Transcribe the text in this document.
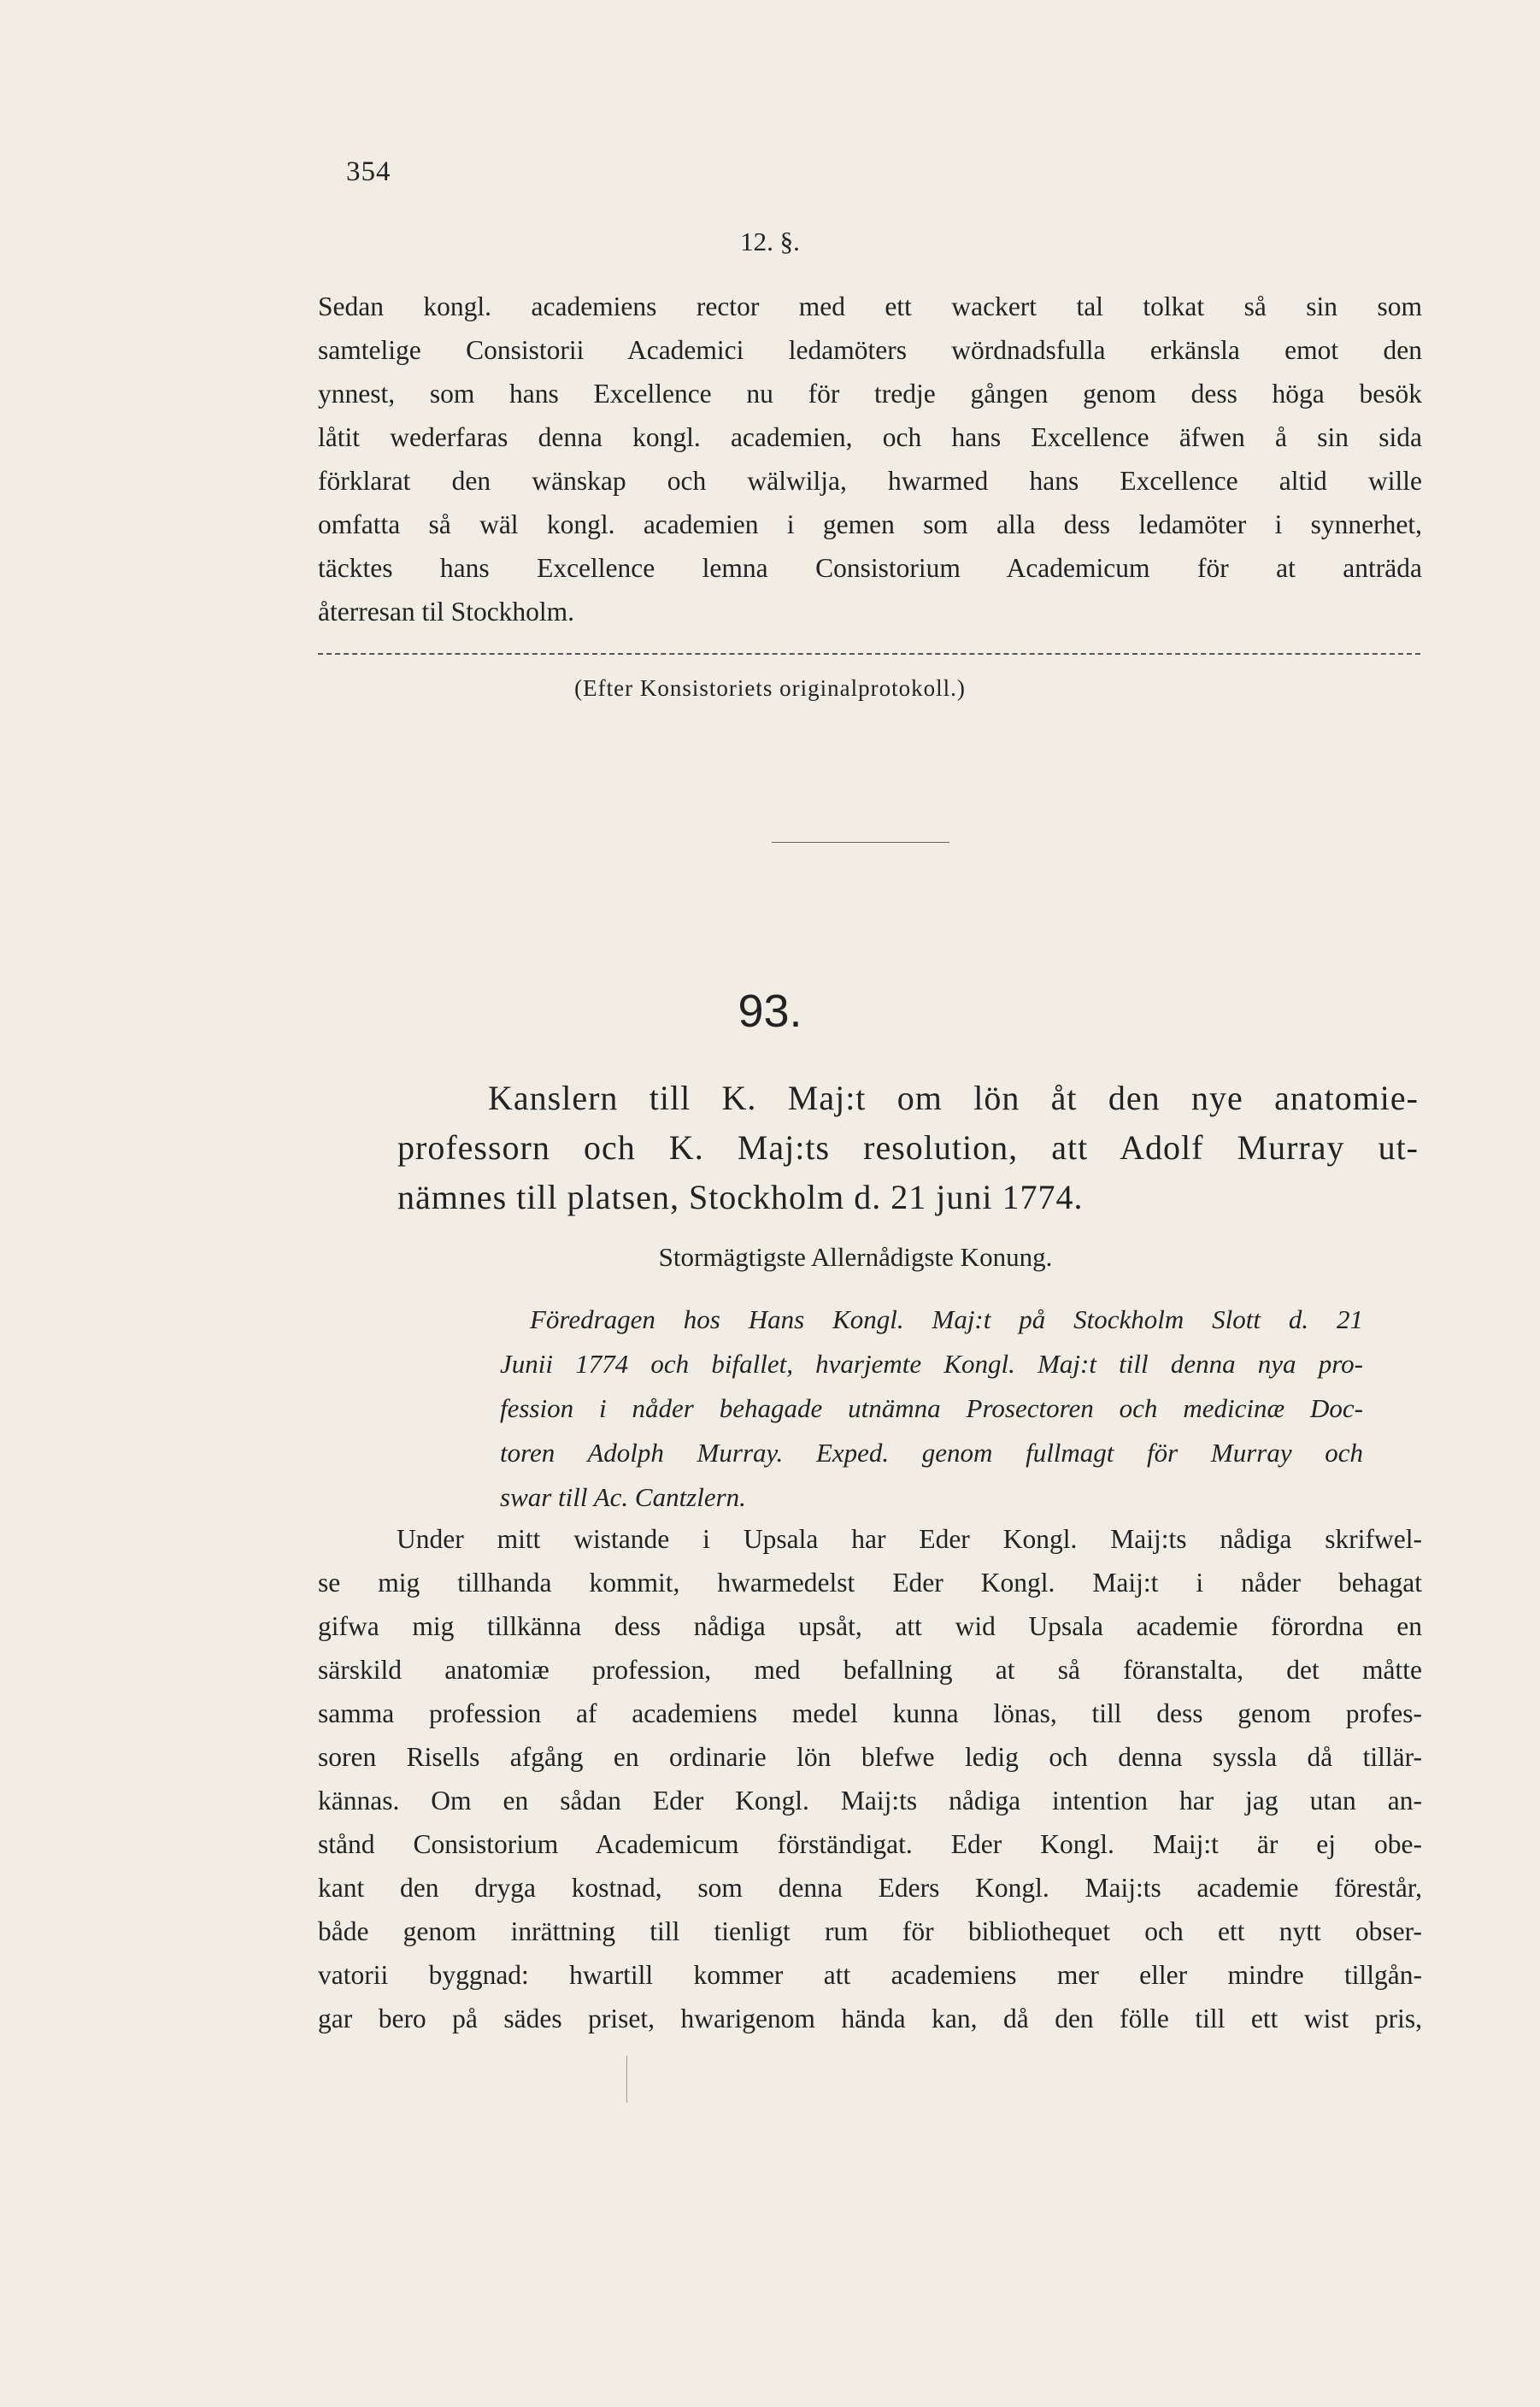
354
12. §.
Sedan kongl. academiens rector med ett wackert tal tolkat så sin som
samtelige Consistorii Academici ledamöters wördnadsfulla erkänsla emot den
ynnest, som hans Excellence nu för tredje gången genom dess höga besök
låtit wederfaras denna kongl. academien, och hans Excellence äfwen å sin sida
förklarat den wänskap och wälwilja, hwarmed hans Excellence altid wille
omfatta så wäl kongl. academien i gemen som alla dess ledamöter i synnerhet,
täcktes hans Excellence lemna Consistorium Academicum för at anträda
återresan til Stockholm.
(Efter Konsistoriets originalprotokoll.)
93.
Kanslern till K. Maj:t om lön åt den nye anatomie-
professorn och K. Maj:ts resolution, att Adolf Murray ut-
nämnes till platsen, Stockholm d. 21 juni 1774.
Stormägtigste Allernådigste Konung.
Föredragen hos Hans Kongl. Maj:t på Stockholm Slott d. 21
Junii 1774 och bifallet, hvarjemte Kongl. Maj:t till denna nya pro-
fession i nåder behagade utnämna Prosectoren och medicinæ Doc-
toren Adolph Murray. Exped. genom fullmagt för Murray och
swar till Ac. Cantzlern.
Under mitt wistande i Upsala har Eder Kongl. Maij:ts nådiga skrifwel-
se mig tillhanda kommit, hwarmedelst Eder Kongl. Maij:t i nåder behagat
gifwa mig tillkänna dess nådiga upsåt, att wid Upsala academie förordna en
särskild anatomiæ profession, med befallning at så föranstalta, det måtte
samma profession af academiens medel kunna lönas, till dess genom profes-
soren Risells afgång en ordinarie lön blefwe ledig och denna syssla då tillär-
kännas. Om en sådan Eder Kongl. Maij:ts nådiga intention har jag utan an-
stånd Consistorium Academicum förständigat. Eder Kongl. Maij:t är ej obe-
kant den dryga kostnad, som denna Eders Kongl. Maij:ts academie förestår,
både genom inrättning till tienligt rum för bibliothequet och ett nytt obser-
vatorii byggnad: hwartill kommer att academiens mer eller mindre tillgån-
gar bero på sädes priset, hwarigenom hända kan, då den fölle till ett wist pris,
